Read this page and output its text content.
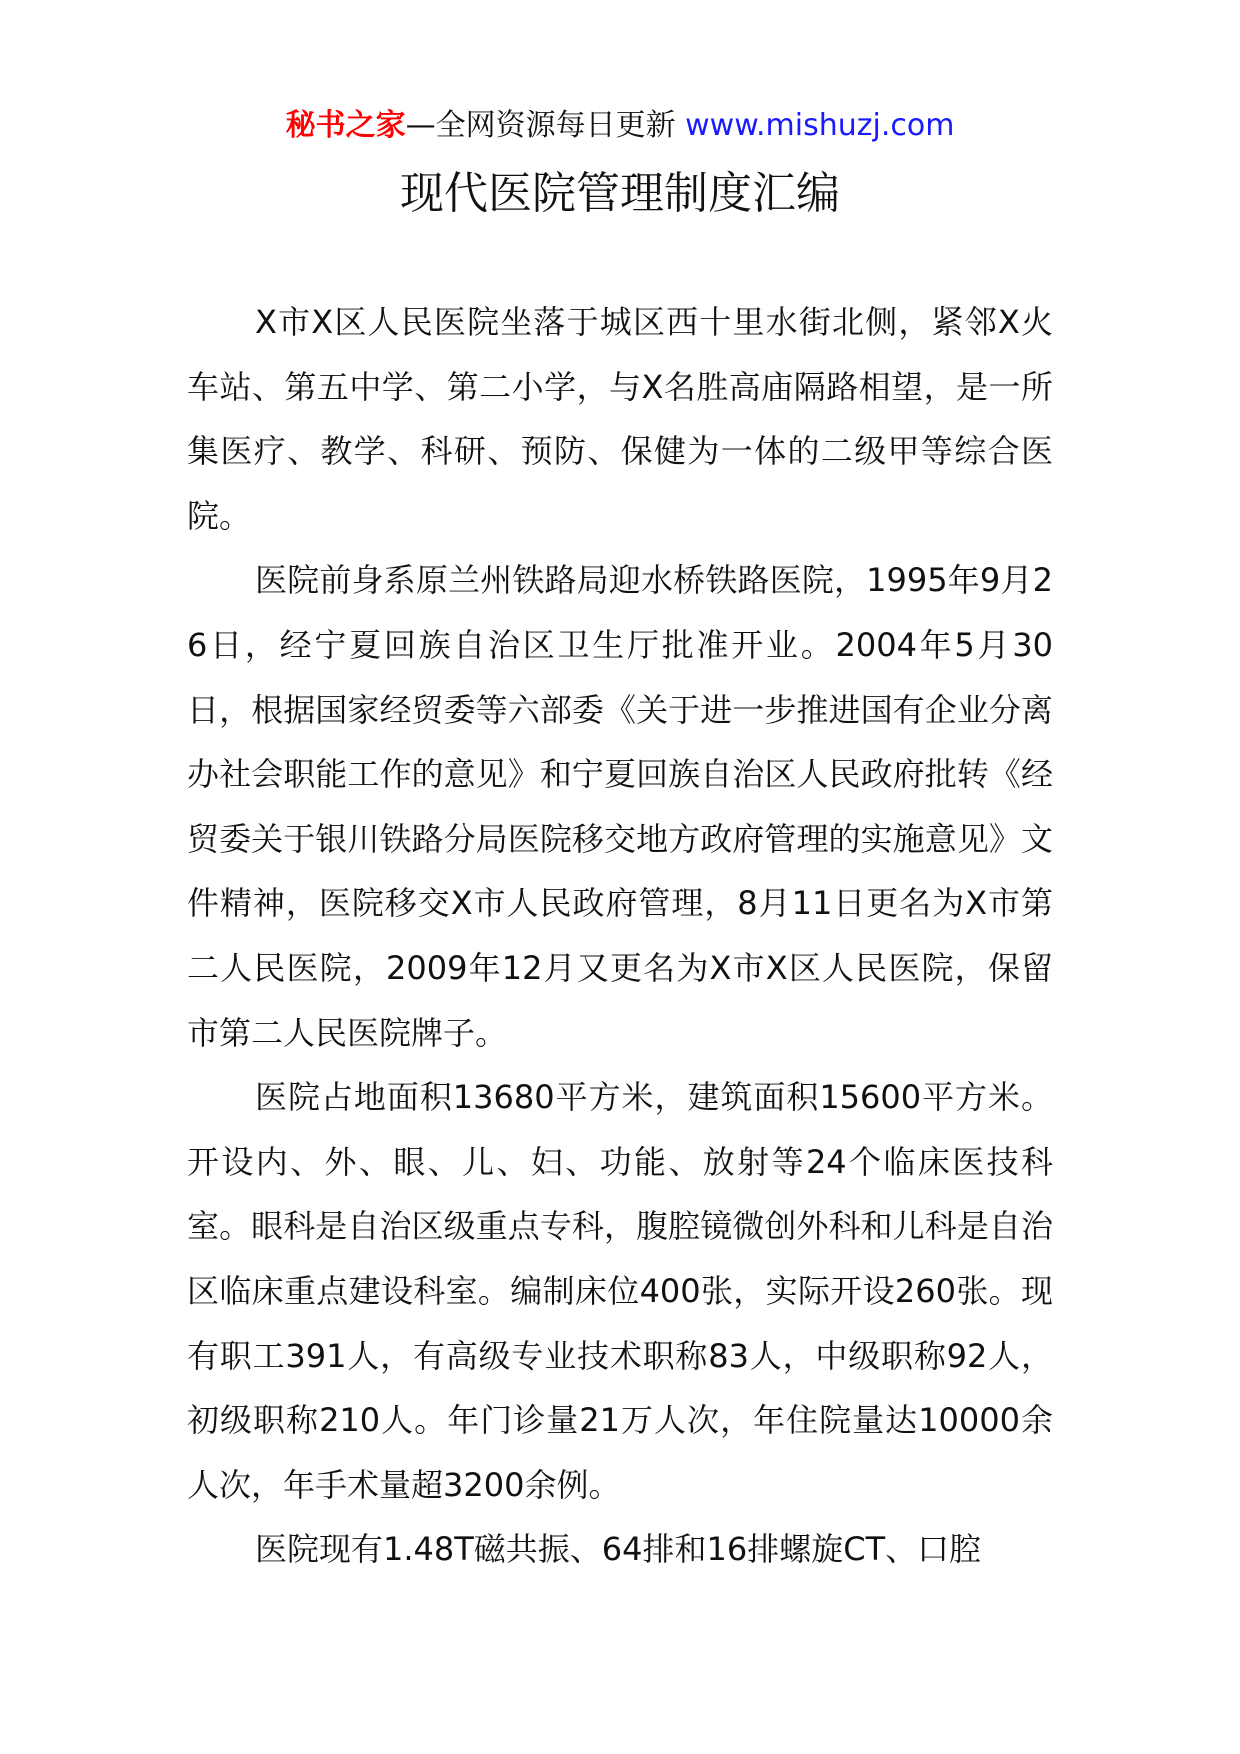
秘书之家—全网资源每日更新 www.mishuzj.com
现代医院管理制度汇编

X市X区人民医院坐落于城区西十里水街北侧，紧邻X火车站、第五中学、第二小学，与X名胜高庙隔路相望，是一所集医疗、教学、科研、预防、保健为一体的二级甲等综合医院。

医院前身系原兰州铁路局迎水桥铁路医院，1995年9月26日，经宁夏回族自治区卫生厅批准开业。2004年5月30日，根据国家经贸委等六部委《关于进一步推进国有企业分离办社会职能工作的意见》和宁夏回族自治区人民政府批转《经贸委关于银川铁路分局医院移交地方政府管理的实施意见》文件精神，医院移交X市人民政府管理，8月11日更名为X市第二人民医院，2009年12月又更名为X市X区人民医院，保留市第二人民医院牌子。

医院占地面积13680平方米，建筑面积15600平方米。开设内、外、眼、儿、妇、功能、放射等24个临床医技科室。眼科是自治区级重点专科，腹腔镜微创外科和儿科是自治区临床重点建设科室。编制床位400张，实际开设260张。现有职工391人，有高级专业技术职称83人，中级职称92人，初级职称210人。年门诊量21万人次，年住院量达10000余人次，年手术量超3200余例。

医院现有1.48T磁共振、64排和16排螺旋CT、口腔
